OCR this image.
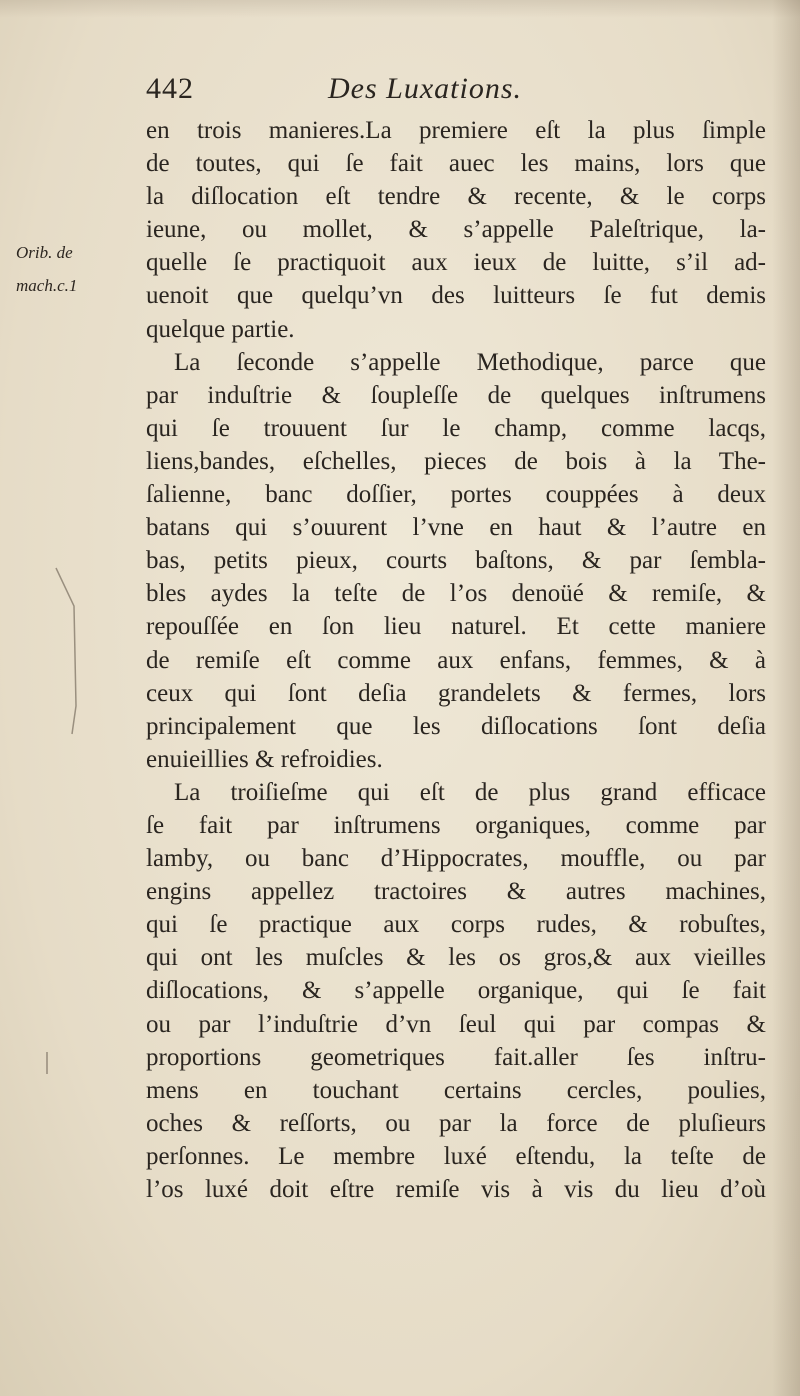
442	Des Luxations.
Orib. de
mach.c.1
en trois manieres.La premiere eſt la plus ſimple
de toutes, qui ſe fait auec les mains, lors que
la diſlocation eſt tendre & recente, & le corps
ieune, ou mollet, & s’appelle Paleſtrique, la-
quelle ſe practiquoit aux ieux de luitte, s’il ad-
uenoit que quelqu’vn des luitteurs ſe fut demis
quelque partie.
La ſeconde s’appelle Methodique, parce que
par induſtrie & ſoupleſſe de quelques inſtrumens
qui ſe trouuent ſur le champ, comme lacqs,
liens,bandes, eſchelles, pieces de bois à la The-
ſalienne, banc doſſier, portes couppées à deux
batans qui s’ouurent l’vne en haut & l’autre en
bas, petits pieux, courts baſtons, & par ſembla-
bles aydes la teſte de l’os denoüé & remiſe, &
repouſſée en ſon lieu naturel. Et cette maniere
de remiſe eſt comme aux enfans, femmes, & à
ceux qui ſont deſia grandelets & fermes, lors
principalement que les diſlocations ſont deſia
enuieillies & refroidies.
La troiſieſme qui eſt de plus grand efficace
ſe fait par inſtrumens organiques, comme par
lamby, ou banc d’Hippocrates, mouffle, ou par
engins appellez tractoires & autres machines,
qui ſe practique aux corps rudes, & robuſtes,
qui ont les muſcles & les os gros,& aux vieilles
diſlocations, & s’appelle organique, qui ſe fait
ou par l’induſtrie d’vn ſeul qui par compas &
proportions geometriques fait.aller ſes inſtru-
mens en touchant certains cercles, poulies,
oches & reſſorts, ou par la force de pluſieurs
perſonnes. Le membre luxé eſtendu, la teſte de
l’os luxé doit eſtre remiſe vis à vis du lieu d’où
